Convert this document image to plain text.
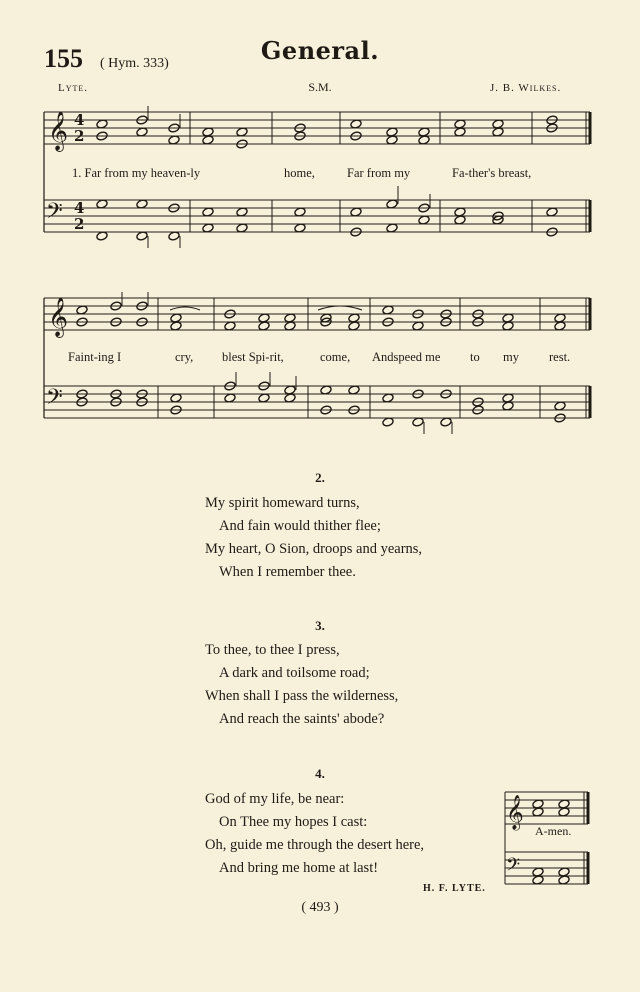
155 ( Hym. 333)	General.
Lyte.	S.M.	J. B. Wilkes.
𝄞
𝄢
4
4
2
2
𝄞
𝄢
𝄞
𝄢
1. Far from my heaven-ly	home,	Far from my	Fa-ther's breast,
Faint-ing I	cry, blest Spi-rit,	come, Andspeed me to my rest.
2.
My spirit homeward turns,
And fain would thither flee;
My heart, O Sion, droops and yearns,
When I remember thee.
3.
To thee, to thee I press,
A dark and toilsome road;
When shall I pass the wilderness,
And reach the saints' abode?
4.
God of my life, be near:
On Thee my hopes I cast:
Oh, guide me through the desert here,
And bring me home at last!
A-men.
H. F. LYTE.
( 493 )
